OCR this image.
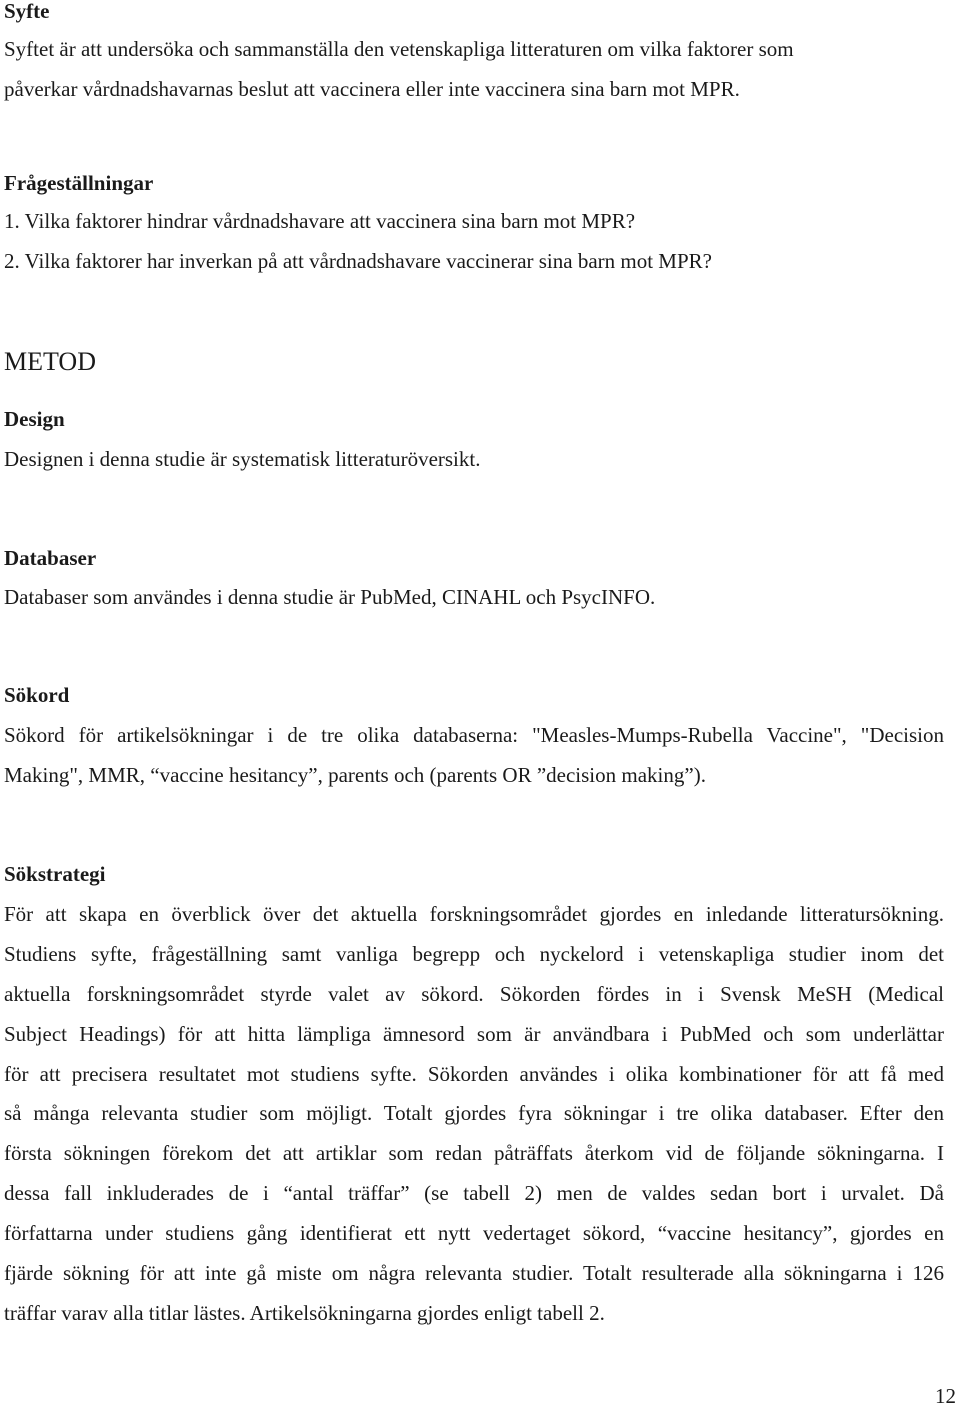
Syfte
Syftet är att undersöka och sammanställa den vetenskapliga litteraturen om vilka faktorer som
påverkar vårdnadshavarnas beslut att vaccinera eller inte vaccinera sina barn mot MPR.
Frågeställningar
1. Vilka faktorer hindrar vårdnadshavare att vaccinera sina barn mot MPR?
2. Vilka faktorer har inverkan på att vårdnadshavare vaccinerar sina barn mot MPR?
METOD
Design
Designen i denna studie är systematisk litteraturöversikt.
Databaser
Databaser som användes i denna studie är PubMed, CINAHL och PsycINFO.
Sökord
Sökord för artikelsökningar i de tre olika databaserna: "Measles-Mumps-Rubella Vaccine", "Decision
Making", MMR, “vaccine hesitancy”, parents och (parents OR ”decision making”).
Sökstrategi
För att skapa en överblick över det aktuella forskningsområdet gjordes en inledande litteratursökning.
Studiens syfte, frågeställning samt vanliga begrepp och nyckelord i vetenskapliga studier inom det
aktuella forskningsområdet styrde valet av sökord. Sökorden fördes in i Svensk MeSH (Medical
Subject Headings) för att hitta lämpliga ämnesord som är användbara i PubMed och som underlättar
för att precisera resultatet mot studiens syfte. Sökorden användes i olika kombinationer för att få med
så många relevanta studier som möjligt. Totalt gjordes fyra sökningar i tre olika databaser. Efter den
första sökningen förekom det att artiklar som redan påträffats återkom vid de följande sökningarna. I
dessa fall inkluderades de i “antal träffar” (se tabell 2) men de valdes sedan bort i urvalet. Då
författarna under studiens gång identifierat ett nytt vedertaget sökord, “vaccine hesitancy”, gjordes en
fjärde sökning för att inte gå miste om några relevanta studier. Totalt resulterade alla sökningarna i 126
träffar varav alla titlar lästes. Artikelsökningarna gjordes enligt tabell 2.
12
